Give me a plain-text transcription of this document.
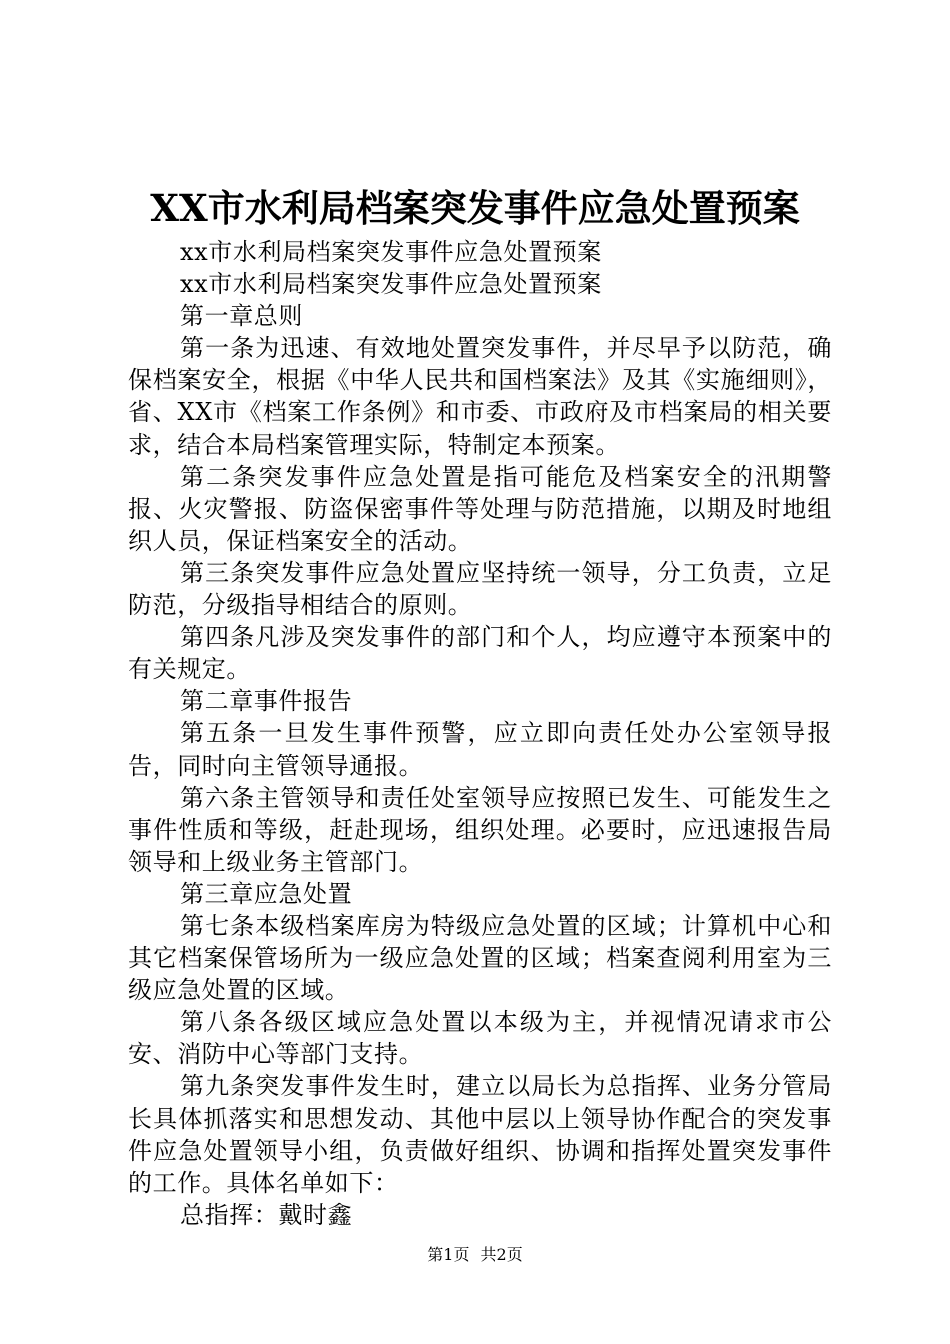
XX市水利局档案突发事件应急处置预案

xx市水利局档案突发事件应急处置预案

xx市水利局档案突发事件应急处置预案

第一章总则

第一条为迅速、有效地处置突发事件，并尽早予以防范，确保档案安全，根据《中华人民共和国档案法》及其《实施细则》，省、XX市《档案工作条例》和市委、市政府及市档案局的相关要求，结合本局档案管理实际，特制定本预案。

第二条突发事件应急处置是指可能危及档案安全的汛期警报、火灾警报、防盗保密事件等处理与防范措施，以期及时地组织人员，保证档案安全的活动。

第三条突发事件应急处置应坚持统一领导，分工负责，立足防范，分级指导相结合的原则。

第四条凡涉及突发事件的部门和个人，均应遵守本预案中的有关规定。

第二章事件报告

第五条一旦发生事件预警，应立即向责任处办公室领导报告，同时向主管领导通报。

第六条主管领导和责任处室领导应按照已发生、可能发生之事件性质和等级，赶赴现场，组织处理。必要时，应迅速报告局领导和上级业务主管部门。

第三章应急处置

第七条本级档案库房为特级应急处置的区域；计算机中心和其它档案保管场所为一级应急处置的区域；档案查阅利用室为三级应急处置的区域。

第八条各级区域应急处置以本级为主，并视情况请求市公安、消防中心等部门支持。

第九条突发事件发生时，建立以局长为总指挥、业务分管局长具体抓落实和思想发动、其他中层以上领导协作配合的突发事件应急处置领导小组，负责做好组织、协调和指挥处置突发事件的工作。具体名单如下：

总指挥：戴时鑫

第1页 共2页
